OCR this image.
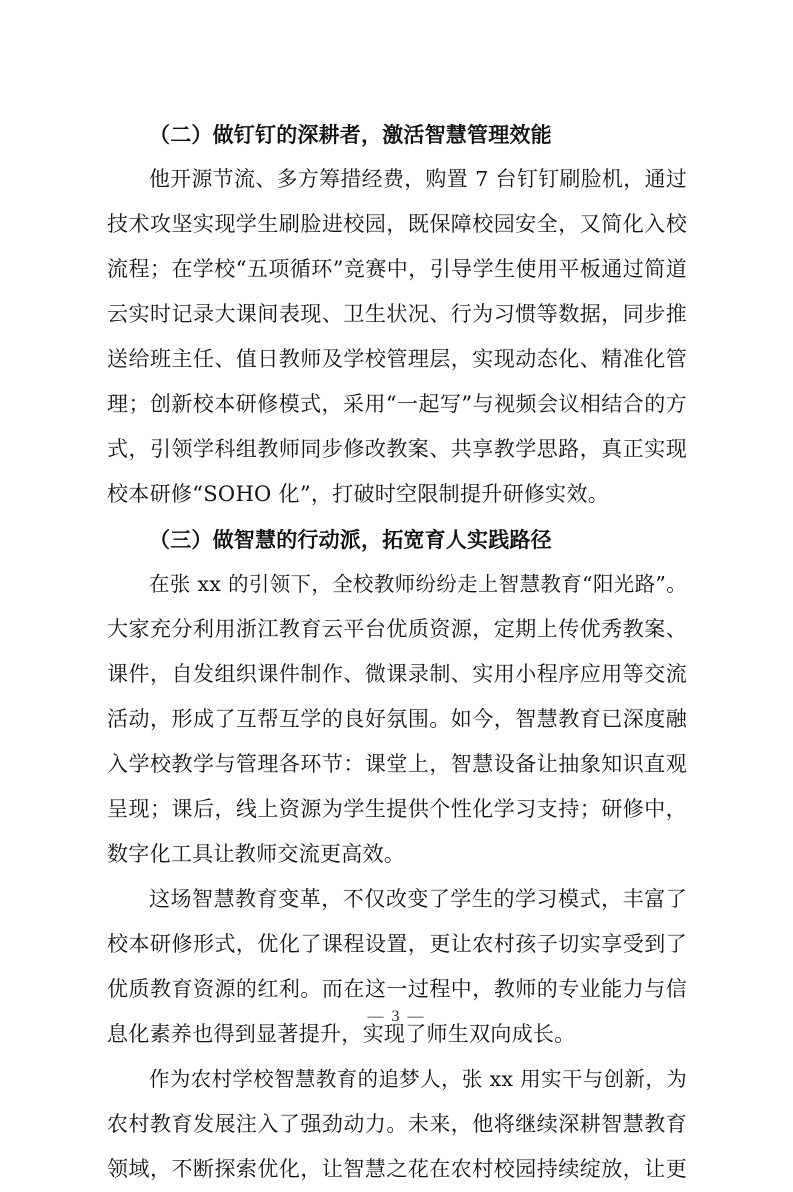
（二）做钉钉的深耕者，激活智慧管理效能
他开源节流、多方筹措经费，购置 7 台钉钉刷脸机，通过
技术攻坚实现学生刷脸进校园，既保障校园安全，又简化入校
流程；在学校“五项循环”竞赛中，引导学生使用平板通过简道
云实时记录大课间表现、卫生状况、行为习惯等数据，同步推
送给班主任、值日教师及学校管理层，实现动态化、精准化管
理；创新校本研修模式，采用“一起写”与视频会议相结合的方
式，引领学科组教师同步修改教案、共享教学思路，真正实现
校本研修“SOHO 化”，打破时空限制提升研修实效。
（三）做智慧的行动派，拓宽育人实践路径
在张 xx 的引领下，全校教师纷纷走上智慧教育“阳光路”。
大家充分利用浙江教育云平台优质资源，定期上传优秀教案、
课件，自发组织课件制作、微课录制、实用小程序应用等交流
活动，形成了互帮互学的良好氛围。如今，智慧教育已深度融
入学校教学与管理各环节：课堂上，智慧设备让抽象知识直观
呈现；课后，线上资源为学生提供个性化学习支持；研修中，
数字化工具让教师交流更高效。
这场智慧教育变革，不仅改变了学生的学习模式，丰富了
校本研修形式，优化了课程设置，更让农村孩子切实享受到了
优质教育资源的红利。而在这一过程中，教师的专业能力与信
息化素养也得到显著提升，实现了师生双向成长。
作为农村学校智慧教育的追梦人，张 xx 用实干与创新，为
农村教育发展注入了强劲动力。未来，他将继续深耕智慧教育
领域，不断探索优化，让智慧之花在农村校园持续绽放，让更
— 3 —
